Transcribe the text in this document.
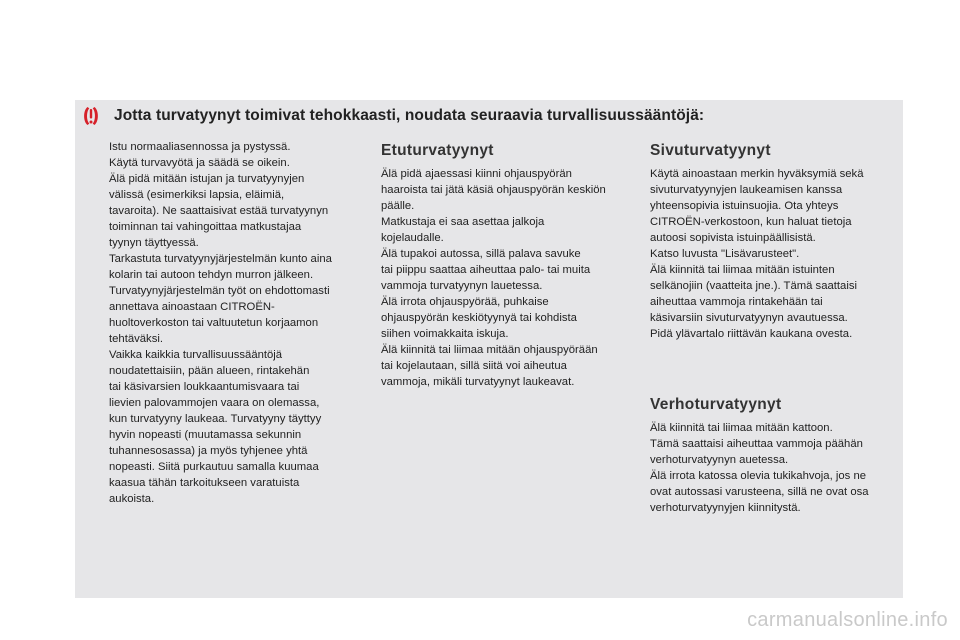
Jotta turvatyynyt toimivat tehokkaasti, noudata seuraavia turvallisuussääntöjä:
Istu normaaliasennossa ja pystyssä.
Käytä turvavyötä ja säädä se oikein.
Älä pidä mitään istujan ja turvatyynyjen
välissä (esimerkiksi lapsia, eläimiä,
tavaroita). Ne saattaisivat estää turvatyynyn
toiminnan tai vahingoittaa matkustajaa
tyynyn täyttyessä.
Tarkastuta turvatyynyjärjestelmän kunto aina
kolarin tai autoon tehdyn murron jälkeen.
Turvatyynyjärjestelmän työt on ehdottomasti
annettava ainoastaan CITROËN-
huoltoverkoston tai valtuutetun korjaamon
tehtäväksi.
Vaikka kaikkia turvallisuussääntöjä
noudatettaisiin, pään alueen, rintakehän
tai käsivarsien loukkaantumisvaara tai
lievien palovammojen vaara on olemassa,
kun turvatyyny laukeaa. Turvatyyny täyttyy
hyvin nopeasti (muutamassa sekunnin
tuhannesosassa) ja myös tyhjenee yhtä
nopeasti. Siitä purkautuu samalla kuumaa
kaasua tähän tarkoitukseen varatuista
aukoista.
Etuturvatyynyt
Älä pidä ajaessasi kiinni ohjauspyörän
haaroista tai jätä käsiä ohjauspyörän keskiön
päälle.
Matkustaja ei saa asettaa jalkoja
kojelaudalle.
Älä tupakoi autossa, sillä palava savuke
tai piippu saattaa aiheuttaa palo- tai muita
vammoja turvatyynyn lauetessa.
Älä irrota ohjauspyörää, puhkaise
ohjauspyörän keskiötyynyä tai kohdista
siihen voimakkaita iskuja.
Älä kiinnitä tai liimaa mitään ohjauspyörään
tai kojelautaan, sillä siitä voi aiheutua
vammoja, mikäli turvatyynyt laukeavat.
Sivuturvatyynyt
Käytä ainoastaan merkin hyväksymiä sekä
sivuturvatyynyjen laukeamisen kanssa
yhteensopivia istuinsuojia. Ota yhteys
CITROËN-verkostoon, kun haluat tietoja
autoosi sopivista istuinpäällisistä.
Katso luvusta "Lisävarusteet".
Älä kiinnitä tai liimaa mitään istuinten
selkänojiin (vaatteita jne.). Tämä saattaisi
aiheuttaa vammoja rintakehään tai
käsivarsiin sivuturvatyynyn avautuessa.
Pidä ylävartalo riittävän kaukana ovesta.
Verhoturvatyynyt
Älä kiinnitä tai liimaa mitään kattoon.
Tämä saattaisi aiheuttaa vammoja päähän
verhoturvatyynyn auetessa.
Älä irrota katossa olevia tukikahvoja, jos ne
ovat autossasi varusteena, sillä ne ovat osa
verhoturvatyynyjen kiinnitystä.
carmanualsonline.info
